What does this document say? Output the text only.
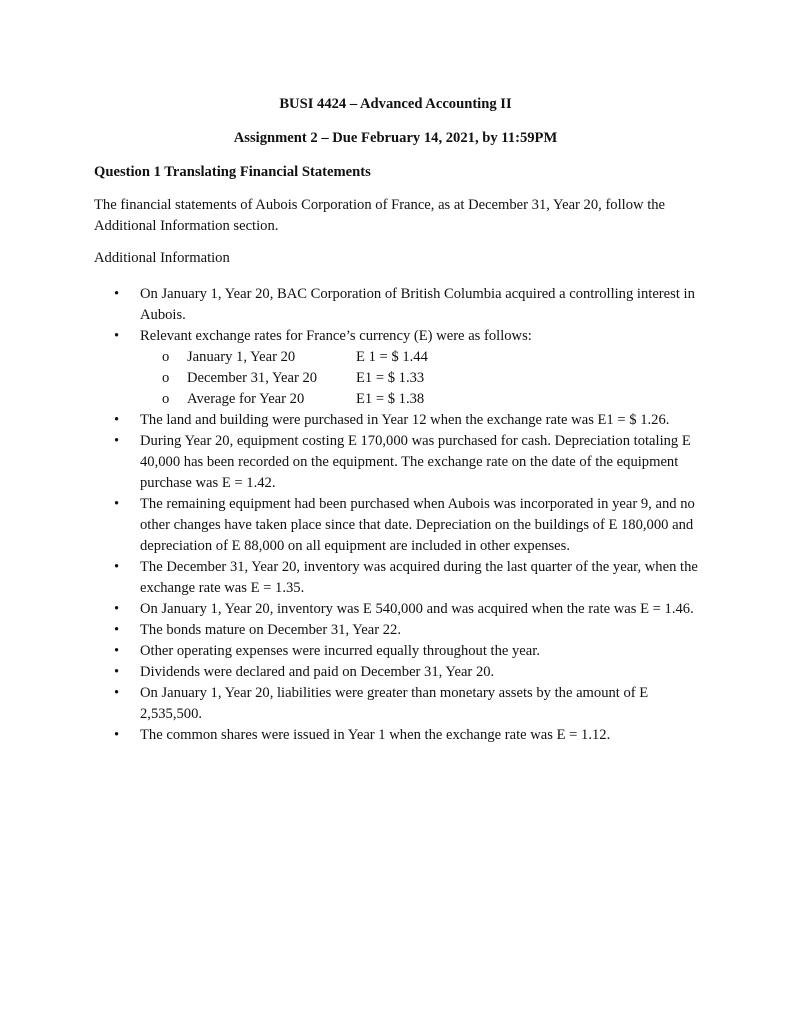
BUSI 4424 – Advanced Accounting II
Assignment 2 – Due February 14, 2021, by 11:59PM
Question 1 Translating Financial Statements
The financial statements of Aubois Corporation of France, as at December 31, Year 20, follow the Additional Information section.
Additional Information
• On January 1, Year 20, BAC Corporation of British Columbia acquired a controlling interest in Aubois.
• Relevant exchange rates for France’s currency (E) were as follows:
o January 1, Year 20	E 1 = $ 1.44
o December 31, Year 20	E1 = $ 1.33
o Average for Year 20	E1 = $ 1.38
• The land and building were purchased in Year 12 when the exchange rate was E1 = $ 1.26.
• During Year 20, equipment costing E 170,000 was purchased for cash. Depreciation totaling E 40,000 has been recorded on the equipment. The exchange rate on the date of the equipment purchase was E = 1.42.
• The remaining equipment had been purchased when Aubois was incorporated in year 9, and no other changes have taken place since that date. Depreciation on the buildings of E 180,000 and depreciation of E 88,000 on all equipment are included in other expenses.
• The December 31, Year 20, inventory was acquired during the last quarter of the year, when the exchange rate was E = 1.35.
• On January 1, Year 20, inventory was E 540,000 and was acquired when the rate was E = 1.46.
• The bonds mature on December 31, Year 22.
• Other operating expenses were incurred equally throughout the year.
• Dividends were declared and paid on December 31, Year 20.
• On January 1, Year 20, liabilities were greater than monetary assets by the amount of E 2,535,500.
• The common shares were issued in Year 1 when the exchange rate was E = 1.12.
